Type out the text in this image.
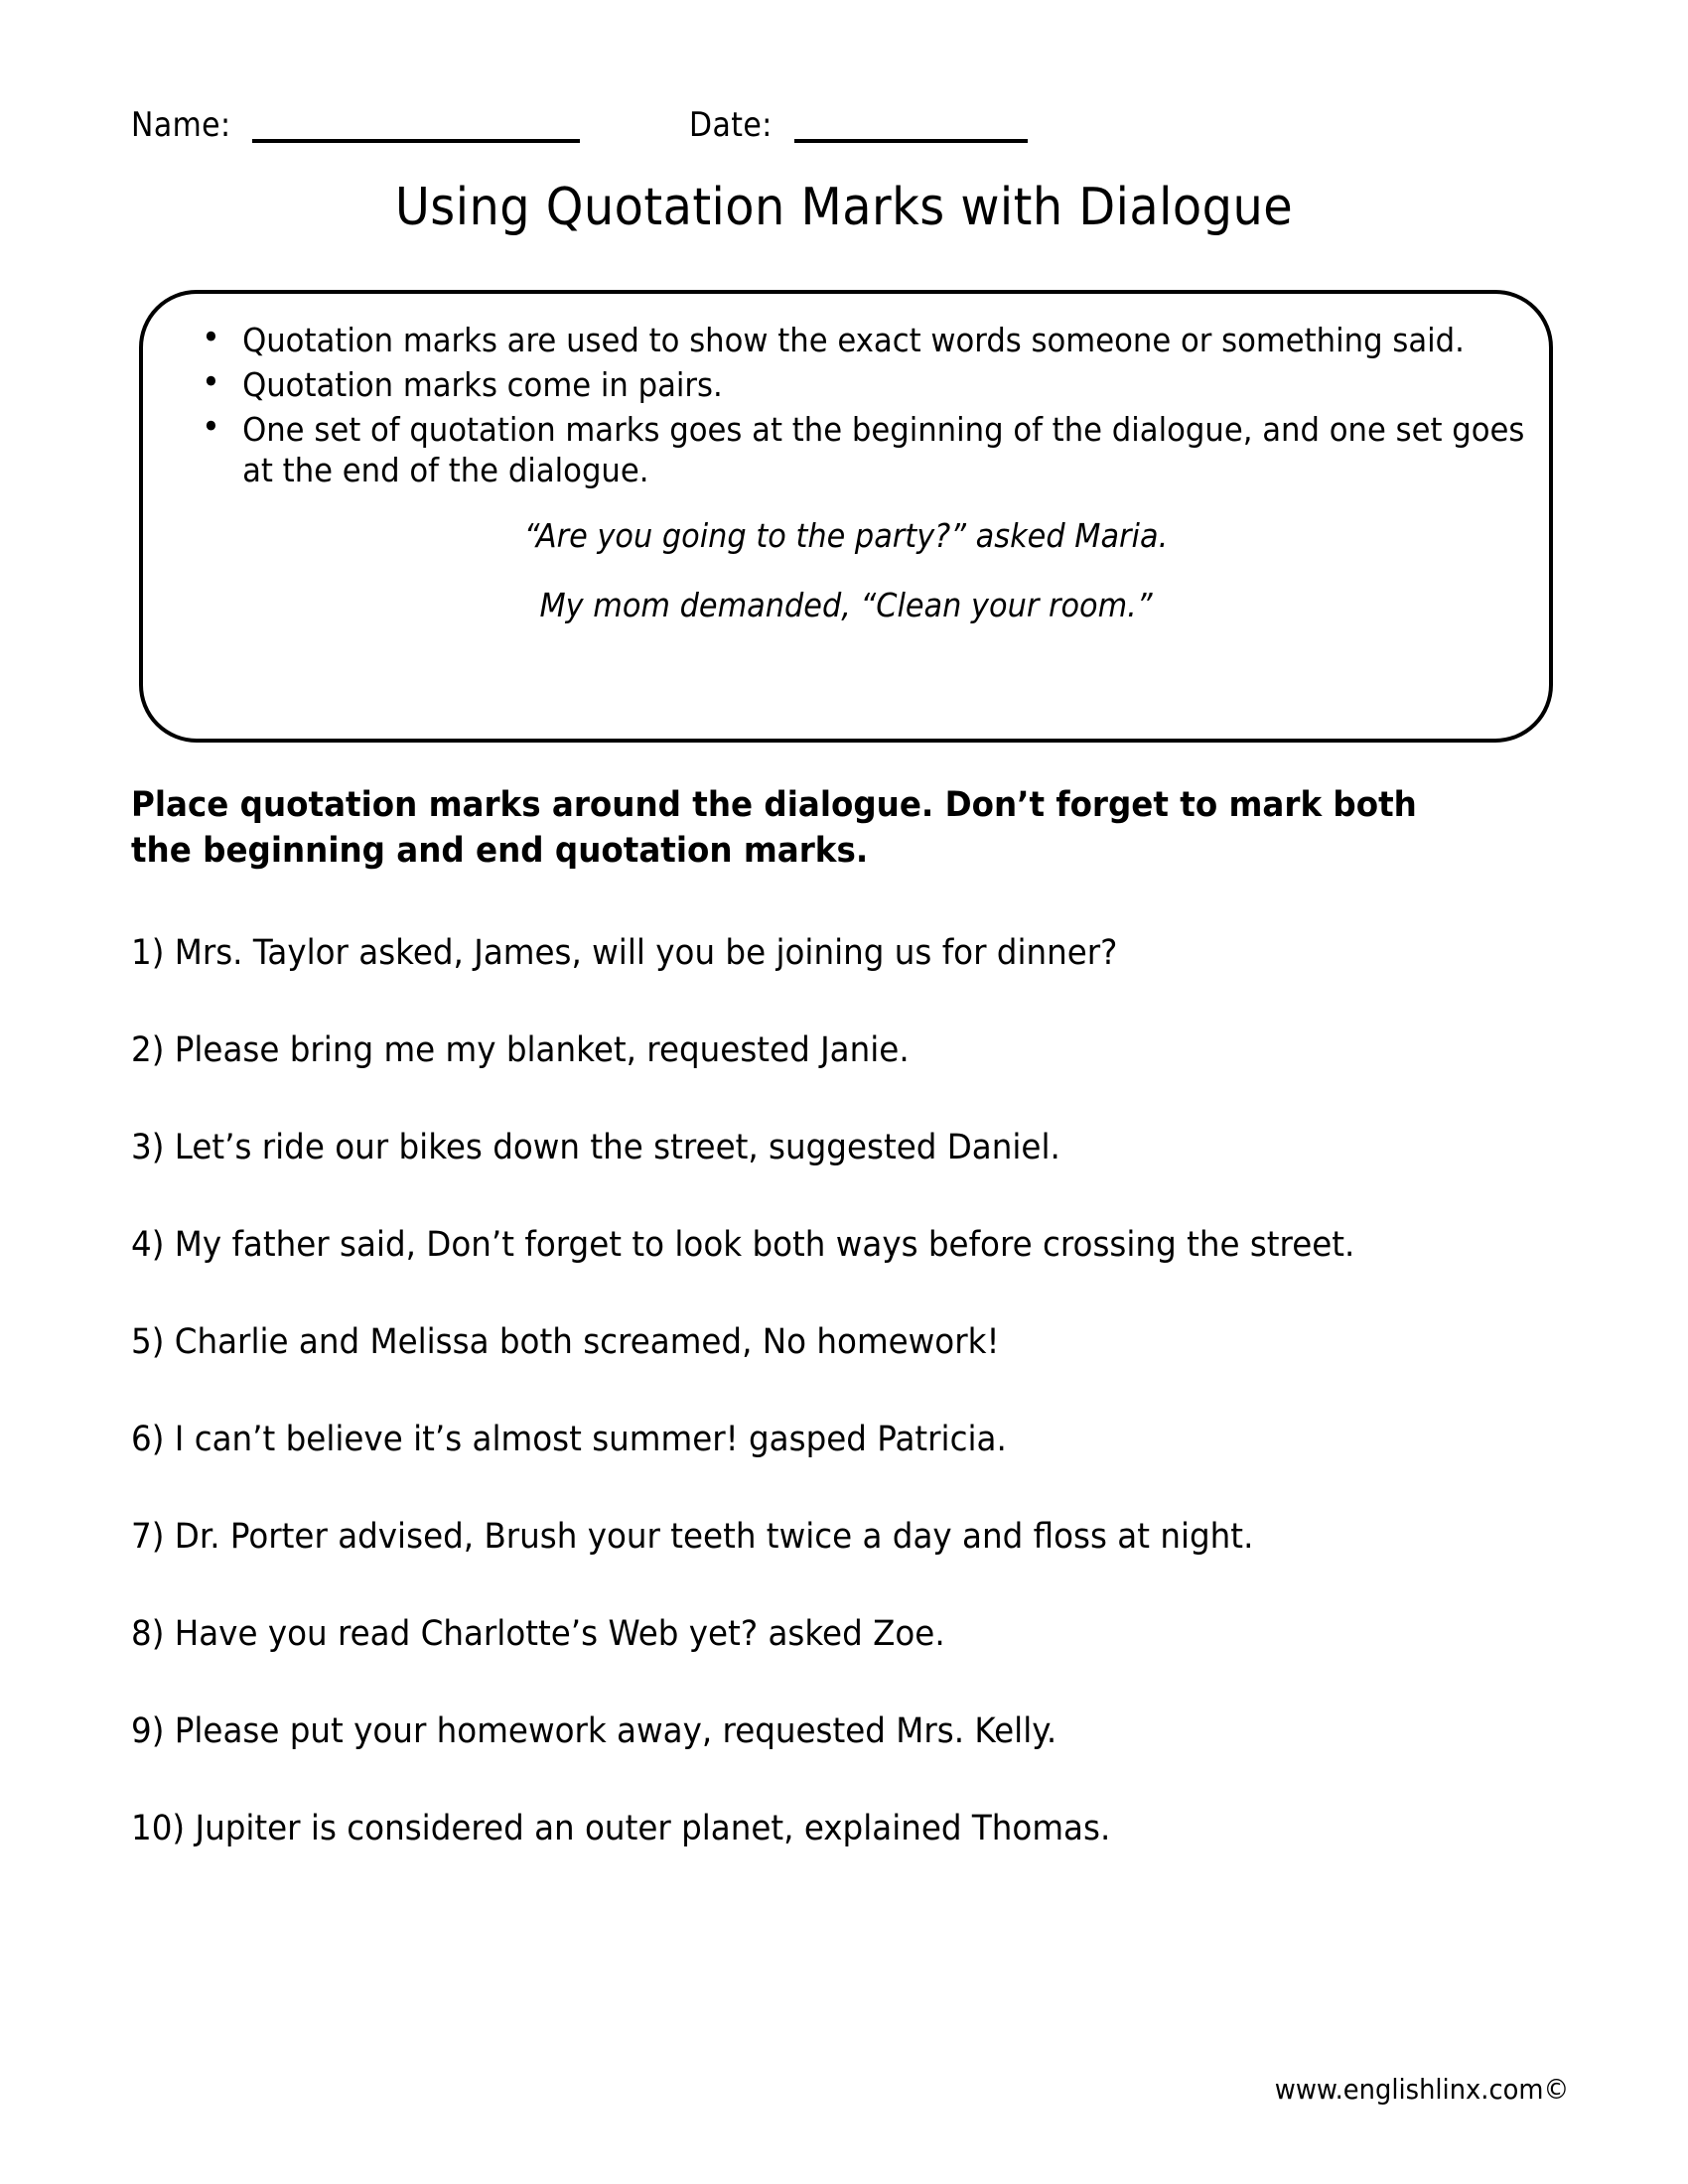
Name:	Date:
Using Quotation Marks with Dialogue
• Quotation marks are used to show the exact words someone or something said.
• Quotation marks come in pairs.
• One set of quotation marks goes at the beginning of the dialogue, and one set goes at the end of the dialogue.
“Are you going to the party?” asked Maria.
My mom demanded, “Clean your room.”
Place quotation marks around the dialogue. Don’t forget to mark both the beginning and end quotation marks.
1) Mrs. Taylor asked, James, will you be joining us for dinner?
2) Please bring me my blanket, requested Janie.
3) Let’s ride our bikes down the street, suggested Daniel.
4) My father said, Don’t forget to look both ways before crossing the street.
5) Charlie and Melissa both screamed, No homework!
6) I can’t believe it’s almost summer! gasped Patricia.
7) Dr. Porter advised, Brush your teeth twice a day and floss at night.
8) Have you read Charlotte’s Web yet? asked Zoe.
9) Please put your homework away, requested Mrs. Kelly.
10) Jupiter is considered an outer planet, explained Thomas.
www.englishlinx.com©
